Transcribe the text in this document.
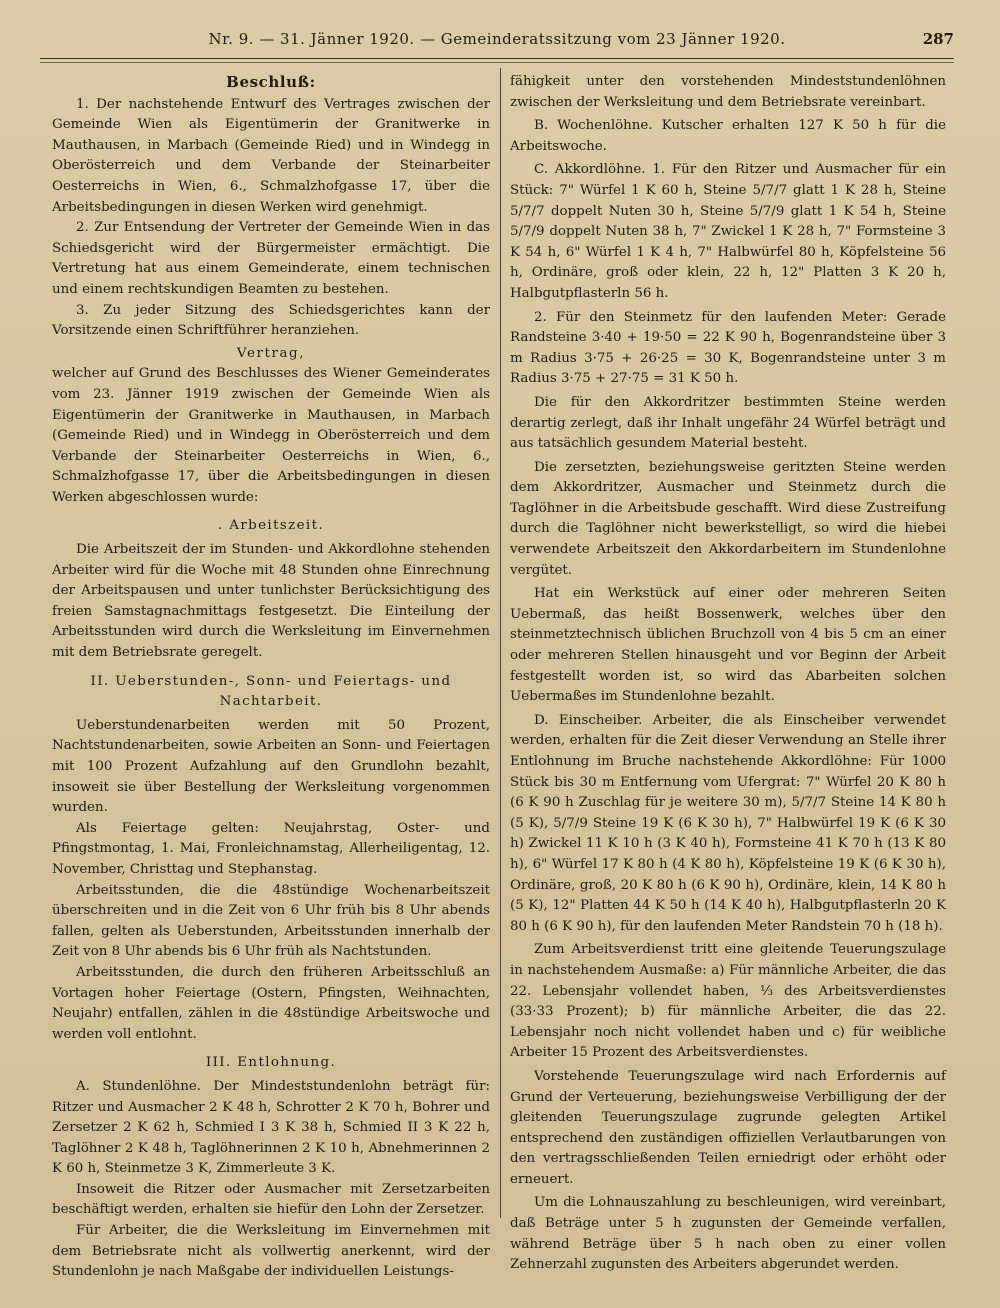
Nr. 9. — 31. Jänner 1920. — Gemeinderatssitzung vom 23 Jänner 1920.	287
Beschluß:

1. Der nachstehende Entwurf des Vertrages zwischen der Gemeinde Wien als Eigentümerin der Granitwerke in Mauthausen, in Marbach (Gemeinde Ried) und in Windegg in Oberösterreich und dem Verbande der Steinarbeiter Oesterreichs in Wien, 6., Schmalzhofgasse 17, über die Arbeitsbedingungen in diesen Werken wird genehmigt.

2. Zur Entsendung der Vertreter der Gemeinde Wien in das Schiedsgericht wird der Bürgermeister ermächtigt. Die Vertretung hat aus einem Gemeinderate, einem technischen und einem rechtskundigen Beamten zu bestehen.

3. Zu jeder Sitzung des Schiedsgerichtes kann der Vorsitzende einen Schriftführer heranziehen.

Vertrag,

welcher auf Grund des Beschlusses des Wiener Gemeinderates vom 23. Jänner 1919 zwischen der Gemeinde Wien als Eigentümerin der Granitwerke in Mauthausen, in Marbach (Gemeinde Ried) und in Windegg in Oberösterreich und dem Verbande der Steinarbeiter Oesterreichs in Wien, 6., Schmalzhofgasse 17, über die Arbeitsbedingungen in diesen Werken abgeschlossen wurde:

. Arbeitszeit.

Die Arbeitszeit der im Stunden- und Akkordlohne stehenden Arbeiter wird für die Woche mit 48 Stunden ohne Einrechnung der Arbeitspausen und unter tunlichster Berücksichtigung des freien Samstagnachmittags festgesetzt. Die Einteilung der Arbeitsstunden wird durch die Werksleitung im Einvernehmen mit dem Betriebsrate geregelt.

II. Ueberstunden-, Sonn- und Feiertags- und Nachtarbeit.

Ueberstundenarbeiten werden mit 50 Prozent, Nachtstundenarbeiten, sowie Arbeiten an Sonn- und Feiertagen mit 100 Prozent Aufzahlung auf den Grundlohn bezahlt, insoweit sie über Bestellung der Werksleitung vorgenommen wurden.

Als Feiertage gelten: Neujahrstag, Oster- und Pfingstmontag, 1. Mai, Fronleichnamstag, Allerheiligentag, 12. November, Christtag und Stephanstag.

Arbeitsstunden, die die 48stündige Wochenarbeitszeit überschreiten und in die Zeit von 6 Uhr früh bis 8 Uhr abends fallen, gelten als Ueberstunden, Arbeitsstunden innerhalb der Zeit von 8 Uhr abends bis 6 Uhr früh als Nachtstunden.

Arbeitsstunden, die durch den früheren Arbeitsschluß an Vortagen hoher Feiertage (Ostern, Pfingsten, Weihnachten, Neujahr) entfallen, zählen in die 48stündige Arbeitswoche und werden voll entlohnt.

III. Entlohnung.

A. Stundenlöhne. Der Mindeststundenlohn beträgt für: Ritzer und Ausmacher 2 K 48 h, Schrotter 2 K 70 h, Bohrer und Zersetzer 2 K 62 h, Schmied I 3 K 38 h, Schmied II 3 K 22 h, Taglöhner 2 K 48 h, Taglöhnerinnen 2 K 10 h, Abnehmerinnen 2 K 60 h, Steinmetze 3 K, Zimmerleute 3 K.

Insoweit die Ritzer oder Ausmacher mit Zersetzarbeiten beschäftigt werden, erhalten sie hiefür den Lohn der Zersetzer.

Für Arbeiter, die die Werksleitung im Einvernehmen mit dem Betriebsrate nicht als vollwertig anerkennt, wird der Stundenlohn je nach Maßgabe der individuellen Leistungs-

fähigkeit unter den vorstehenden Mindeststundenlöhnen zwischen der Werksleitung und dem Betriebsrate vereinbart.

B. Wochenlöhne. Kutscher erhalten 127 K 50 h für die Arbeitswoche.

C. Akkordlöhne. 1. Für den Ritzer und Ausmacher für ein Stück: 7" Würfel 1 K 60 h, Steine 5/7/7 glatt 1 K 28 h, Steine 5/7/7 doppelt Nuten 30 h, Steine 5/7/9 glatt 1 K 54 h, Steine 5/7/9 doppelt Nuten 38 h, 7" Zwickel 1 K 28 h, 7" Formsteine 3 K 54 h, 6" Würfel 1 K 4 h, 7" Halbwürfel 80 h, Köpfelsteine 56 h, Ordinäre, groß oder klein, 22 h, 12" Platten 3 K 20 h, Halbgutpflasterln 56 h.

2. Für den Steinmetz für den laufenden Meter: Gerade Randsteine 3·40 + 19·50 = 22 K 90 h, Bogenrandsteine über 3 m Radius 3·75 + 26·25 = 30 K, Bogenrandsteine unter 3 m Radius 3·75 + 27·75 = 31 K 50 h.

Die für den Akkordritzer bestimmten Steine werden derartig zerlegt, daß ihr Inhalt ungefähr 24 Würfel beträgt und aus tatsächlich gesundem Material besteht.

Die zersetzten, beziehungsweise geritzten Steine werden dem Akkordritzer, Ausmacher und Steinmetz durch die Taglöhner in die Arbeitsbude geschafft. Wird diese Zustreifung durch die Taglöhner nicht bewerkstelligt, so wird die hiebei verwendete Arbeitszeit den Akkordarbeitern im Stundenlohne vergütet.

Hat ein Werkstück auf einer oder mehreren Seiten Uebermaß, das heißt Bossenwerk, welches über den steinmetztechnisch üblichen Bruchzoll von 4 bis 5 cm an einer oder mehreren Stellen hinausgeht und vor Beginn der Arbeit festgestellt worden ist, so wird das Abarbeiten solchen Uebermaßes im Stundenlohne bezahlt.

D. Einscheiber. Arbeiter, die als Einscheiber verwendet werden, erhalten für die Zeit dieser Verwendung an Stelle ihrer Entlohnung im Bruche nachstehende Akkordlöhne: Für 1000 Stück bis 30 m Entfernung vom Ufergrat: 7" Würfel 20 K 80 h (6 K 90 h Zuschlag für je weitere 30 m), 5/7/7 Steine 14 K 80 h (5 K), 5/7/9 Steine 19 K (6 K 30 h), 7" Halbwürfel 19 K (6 K 30 h) Zwickel 11 K 10 h (3 K 40 h), Formsteine 41 K 70 h (13 K 80 h), 6" Würfel 17 K 80 h (4 K 80 h), Köpfelsteine 19 K (6 K 30 h), Ordinäre, groß, 20 K 80 h (6 K 90 h), Ordinäre, klein, 14 K 80 h (5 K), 12" Platten 44 K 50 h (14 K 40 h), Halbgutpflasterln 20 K 80 h (6 K 90 h), für den laufenden Meter Randstein 70 h (18 h).

Zum Arbeitsverdienst tritt eine gleitende Teuerungszulage in nachstehendem Ausmaße: a) Für männliche Arbeiter, die das 22. Lebensjahr vollendet haben, ⅓ des Arbeitsverdienstes (33·33 Prozent); b) für männliche Arbeiter, die das 22. Lebensjahr noch nicht vollendet haben und c) für weibliche Arbeiter 15 Prozent des Arbeitsverdienstes.

Vorstehende Teuerungszulage wird nach Erfordernis auf Grund der Verteuerung, beziehungsweise Verbilligung der der gleitenden Teuerungszulage zugrunde gelegten Artikel entsprechend den zuständigen offiziellen Verlautbarungen von den vertragsschließenden Teilen erniedrigt oder erhöht oder erneuert.

Um die Lohnauszahlung zu beschleunigen, wird vereinbart, daß Beträge unter 5 h zugunsten der Gemeinde verfallen, während Beträge über 5 h nach oben zu einer vollen Zehnerzahl zugunsten des Arbeiters abgerundet werden.
